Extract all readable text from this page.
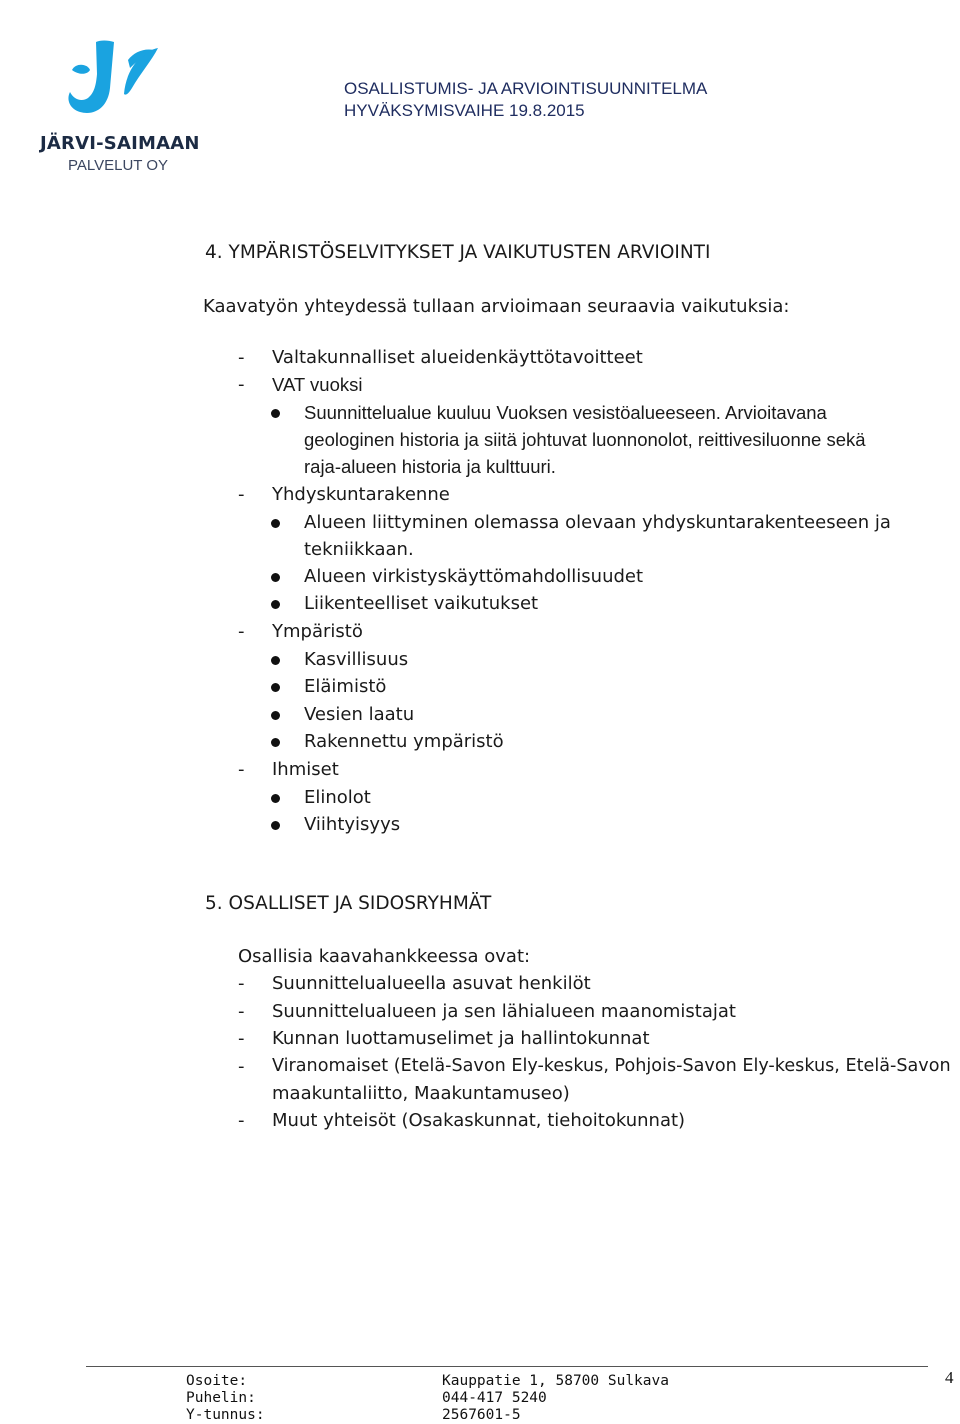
JÄRVI-SAIMAAN
PALVELUT OY
OSALLISTUMIS- JA ARVIOINTISUUNNITELMA
HYVÄKSYMISVAIHE 19.8.2015
4. YMPÄRISTÖSELVITYKSET JA VAIKUTUSTEN ARVIOINTI
Kaavatyön yhteydessä tullaan arvioimaan seuraavia vaikutuksia:
- Valtakunnalliset alueidenkäyttötavoitteet
- VAT vuoksi
Suunnittelualue kuuluu Vuoksen vesistöalueeseen. Arvioitavana
geologinen historia ja siitä johtuvat luonnonolot, reittivesiluonne sekä
raja-alueen historia ja kulttuuri.
- Yhdyskuntarakenne
Alueen liittyminen olemassa olevaan yhdyskuntarakenteeseen ja
tekniikkaan.
Alueen virkistyskäyttömahdollisuudet
Liikenteelliset vaikutukset
- Ympäristö
Kasvillisuus
Eläimistö
Vesien laatu
Rakennettu ympäristö
- Ihmiset
Elinolot
Viihtyisyys
5. OSALLISET JA SIDOSRYHMÄT
Osallisia kaavahankkeessa ovat:
- Suunnittelualueella asuvat henkilöt
- Suunnittelualueen ja sen lähialueen maanomistajat
- Kunnan luottamuselimet ja hallintokunnat
- Viranomaiset (Etelä-Savon Ely-keskus, Pohjois-Savon Ely-keskus, Etelä-Savon
maakuntaliitto, Maakuntamuseo)
- Muut yhteisöt (Osakaskunnat, tiehoitokunnat)
Osoite:	Kauppatie 1, 58700 Sulkava
Puhelin:	044-417 5240
Y-tunnus:	2567601-5
4
